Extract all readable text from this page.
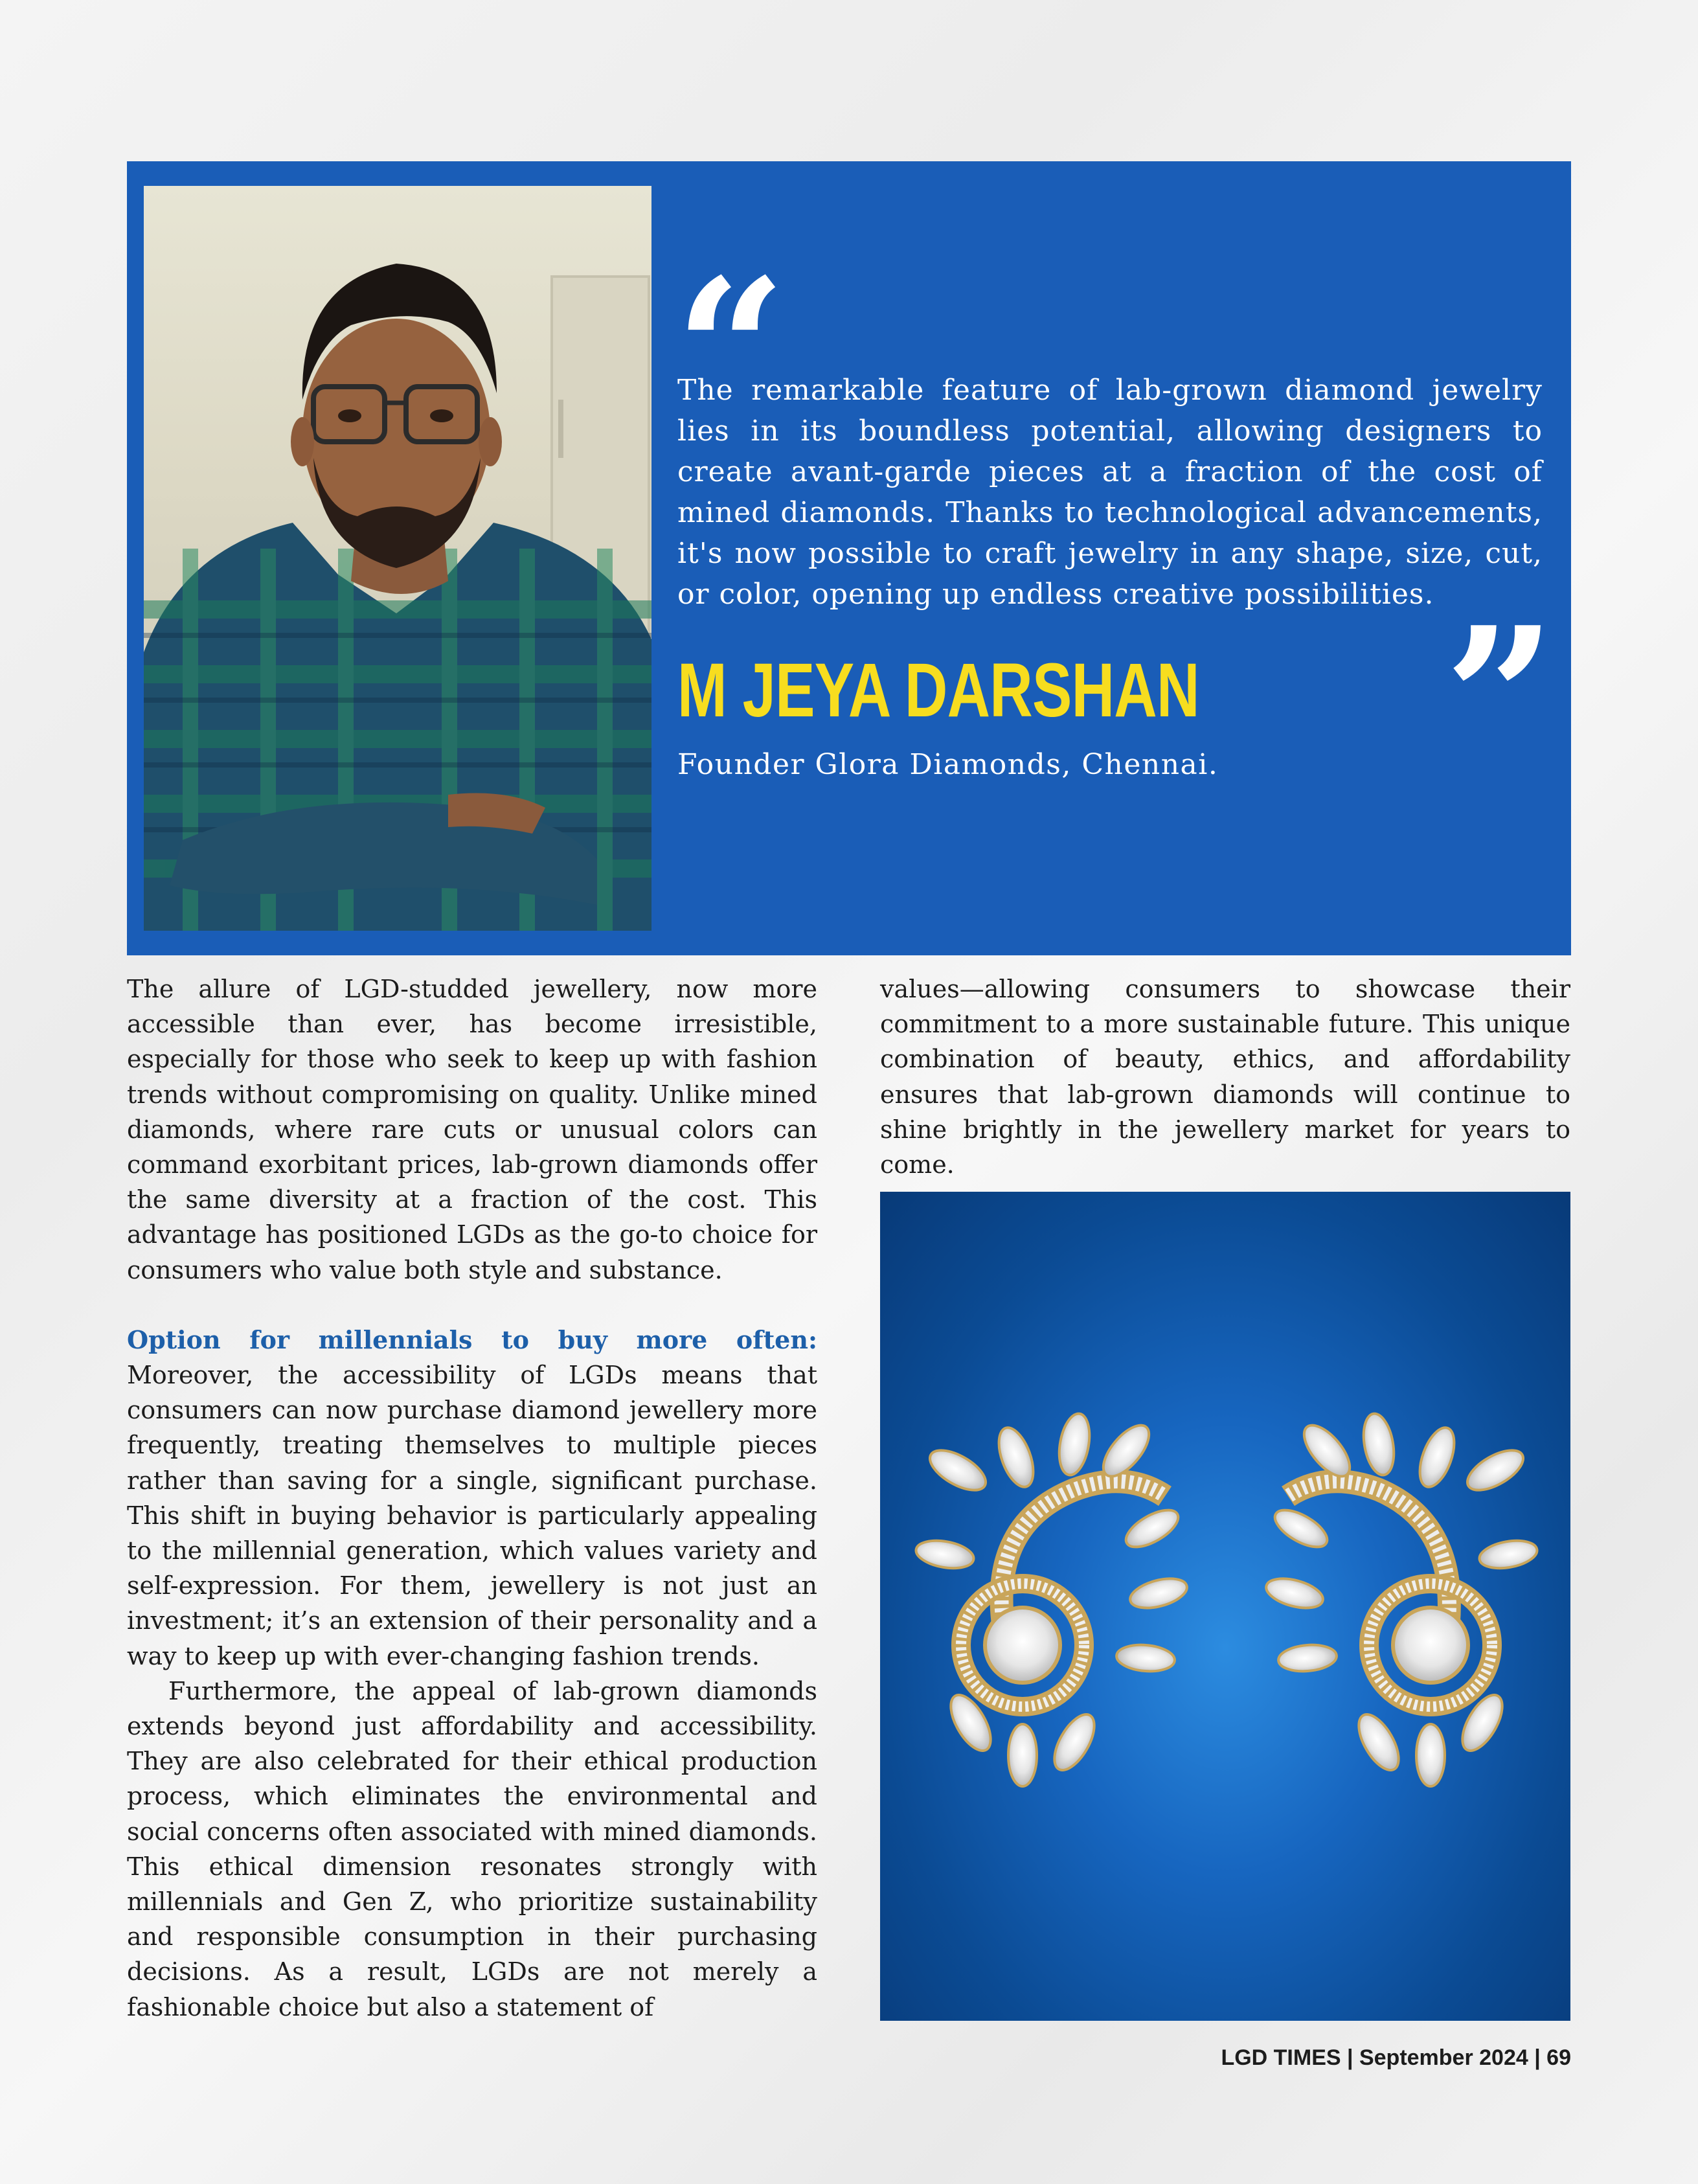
“

The remarkable feature of lab-grown diamond jewelry lies in its boundless potential, allowing designers to create avant-garde pieces at a fraction of the cost of mined diamonds. Thanks to technological advancements, it's now possible to craft jewelry in any shape, size, cut, or color, opening up endless creative possibilities. ”
M JEYA DARSHAN
Founder Glora Diamonds, Chennai.

The allure of LGD-studded jewellery, now more accessible than ever, has become irresistible, especially for those who seek to keep up with fashion trends without compromising on quality. Unlike mined diamonds, where rare cuts or unusual colors can command exorbitant prices, lab-grown diamonds offer the same diversity at a fraction of the cost. This advantage has positioned LGDs as the go-to choice for consumers who value both style and substance.

Option for millennials to buy more often: Moreover, the accessibility of LGDs means that consumers can now purchase diamond jewellery more frequently, treating themselves to multiple pieces rather than saving for a single, significant purchase. This shift in buying behavior is particularly appealing to the millennial generation, which values variety and self-expression. For them, jewellery is not just an investment; it’s an extension of their personality and a way to keep up with ever-changing fashion trends.

Furthermore, the appeal of lab-grown diamonds extends beyond just affordability and accessibility. They are also celebrated for their ethical production process, which eliminates the environmental and social concerns often associated with mined diamonds. This ethical dimension resonates strongly with millennials and Gen Z, who prioritize sustainability and responsible consumption in their purchasing decisions. As a result, LGDs are not merely a fashionable choice but also a statement of

values—allowing consumers to showcase their commitment to a more sustainable future. This unique combination of beauty, ethics, and affordability ensures that lab-grown diamonds will continue to shine brightly in the jewellery market for years to come.

LGD TIMES | September 2024 | 69
